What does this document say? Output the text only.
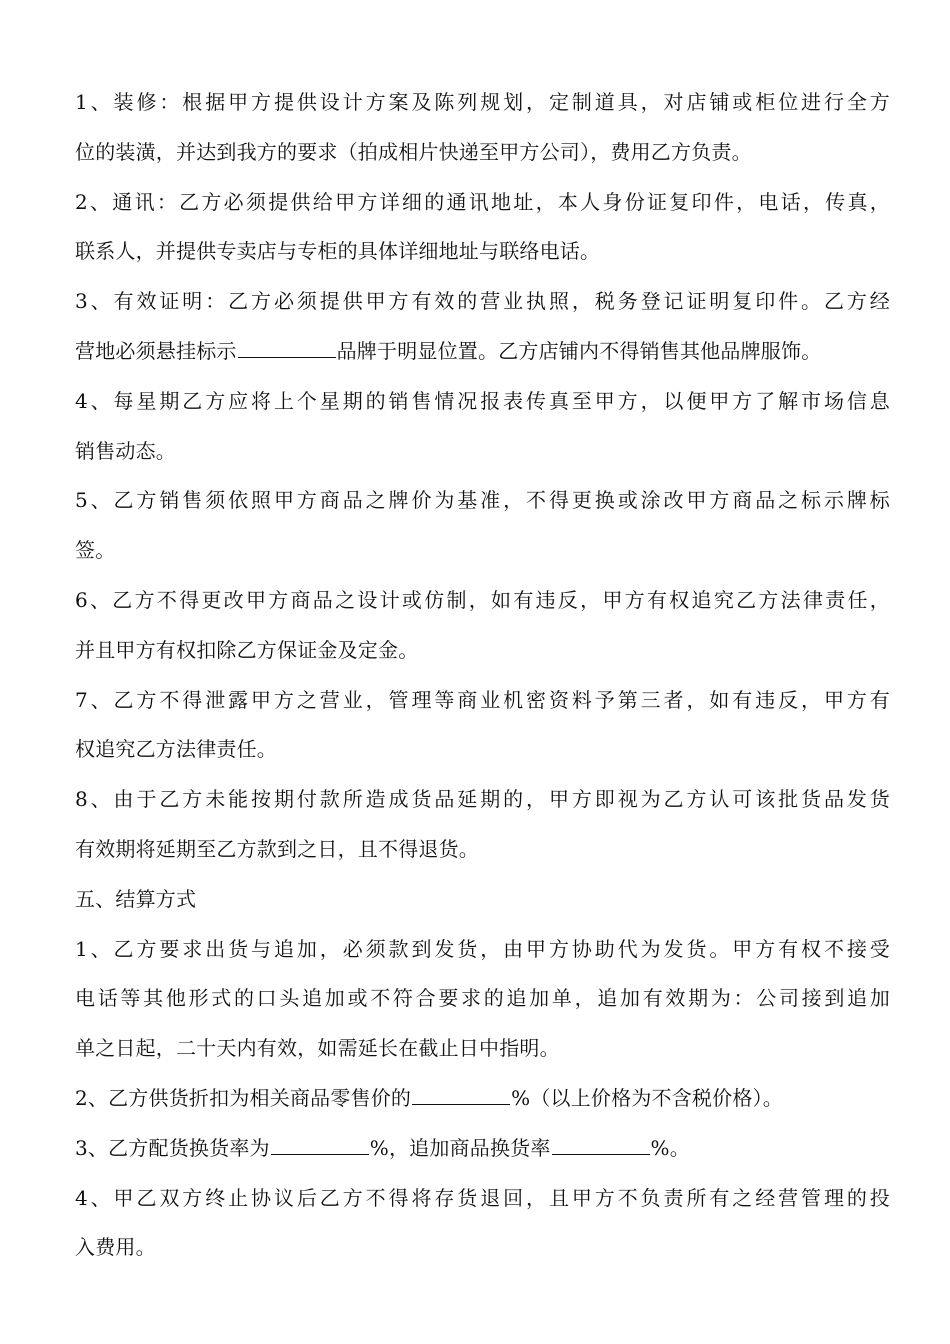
1、装修：根据甲方提供设计方案及陈列规划，定制道具，对店铺或柜位进行全方
位的装潢，并达到我方的要求（拍成相片快递至甲方公司），费用乙方负责。
2、通讯：乙方必须提供给甲方详细的通讯地址，本人身份证复印件，电话，传真，
联系人，并提供专卖店与专柜的具体详细地址与联络电话。
3、有效证明：乙方必须提供甲方有效的营业执照，税务登记证明复印件。乙方经
营地必须悬挂标示	品牌于明显位置。乙方店铺内不得销售其他品牌服饰。
4、每星期乙方应将上个星期的销售情况报表传真至甲方，以便甲方了解市场信息
销售动态。
5、乙方销售须依照甲方商品之牌价为基准，不得更换或涂改甲方商品之标示牌标
签。
6、乙方不得更改甲方商品之设计或仿制，如有违反，甲方有权追究乙方法律责任，
并且甲方有权扣除乙方保证金及定金。
7、乙方不得泄露甲方之营业，管理等商业机密资料予第三者，如有违反，甲方有
权追究乙方法律责任。
8、由于乙方未能按期付款所造成货品延期的，甲方即视为乙方认可该批货品发货
有效期将延期至乙方款到之日，且不得退货。
五、结算方式
1、乙方要求出货与追加，必须款到发货，由甲方协助代为发货。甲方有权不接受
电话等其他形式的口头追加或不符合要求的追加单，追加有效期为：公司接到追加
单之日起，二十天内有效，如需延长在截止日中指明。
2、乙方供货折扣为相关商品零售价的	%（以上价格为不含税价格）。
3、乙方配货换货率为	%，追加商品换货率	%。
4、甲乙双方终止协议后乙方不得将存货退回，且甲方不负责所有之经营管理的投
入费用。
